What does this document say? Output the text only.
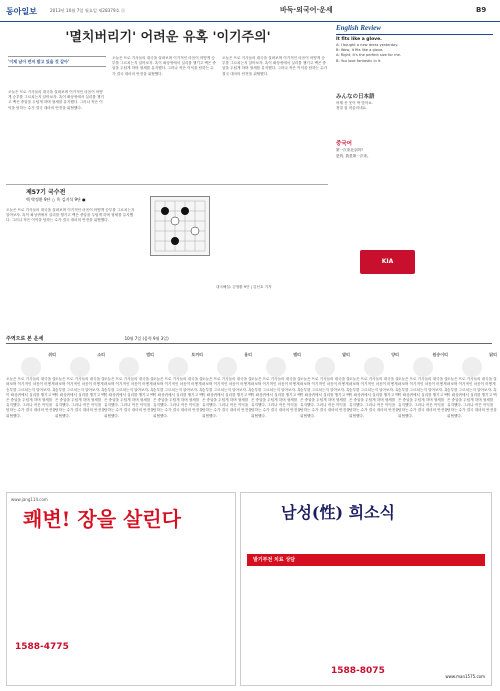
동아일보	2013년 10월 7일 월요일 제28379호 ⓢ	바둑·외국어·운세	B9
'멸치버리기' 어려운 유혹 '이기주의'
'이제 남이 먼저 밥고 있을 것 같아'
오늘은 프로 기사들의 대국을 살펴보며 이기적인 마음이 어떻게 승부를 그르치는지 알아보자. 흑이 좌상귀에서 실리를 챙기고 백은 중앙을 두텁게 하며 형세를 유지했다. 그러나 작은 이익을 탐하는 수가 결국 대마의 안전을 위협했다.
오늘은 프로 기사들의 대국을 살펴보며 이기적인 마음이 어떻게 승부를 그르치는지 알아보자. 흑이 좌상귀에서 실리를 챙기고 백은 중앙을 두텁게 하며 형세를 유지했다. 그러나 작은 이익을 탐하는 수가 결국 대마의 안전을 위협했다.
오늘은 프로 기사들의 대국을 살펴보며 이기적인 마음이 어떻게 승부를 그르치는지 알아보자. 흑이 좌상귀에서 실리를 챙기고 백은 중앙을 두텁게 하며 형세를 유지했다. 그러나 작은 이익을 탐하는 수가 결국 대마의 안전을 위협했다.
English Review
It fits like a glove.
A: I bought a new dress yesterday.
B: Wow, it fits like a glove.
A: Right, it's the perfect size for me.
B: You look fantastic in it.
みんなの日本語
어제 산 옷이 딱 맞아요.
정말 잘 어울리네요.
중국어
第一次来北京吗?
是的, 我是第一次来。
KIA
제57기 국수전
백 박정환 9단 ○ 흑 김지석 9단 ●
오늘은 프로 기사들의 대국을 살펴보며 이기적인 마음이 어떻게 승부를 그르치는지 알아보자. 흑이 좌상귀에서 실리를 챙기고 백은 중앙을 두텁게 하며 형세를 유지했다. 그러나 작은 이익을 탐하는 수가 결국 대마의 안전을 위협했다.
대국해설: 김영환 9단 | 김선호 기자
주역으로 본 운세	10월 7일 (음력 9월 3일)
쥐띠
오늘은 프로 기사들의 대국을 살펴보며 이기적인 마음이 어떻게 승부를 그르치는지 알아보자. 흑이 좌상귀에서 실리를 챙기고 백은 중앙을 두텁게 하며 형세를 유지했다. 그러나 작은 이익을 탐하는 수가 결국 대마의 안전을 위협했다.
소띠
오늘은 프로 기사들의 대국을 살펴보며 이기적인 마음이 어떻게 승부를 그르치는지 알아보자. 흑이 좌상귀에서 실리를 챙기고 백은 중앙을 두텁게 하며 형세를 유지했다. 그러나 작은 이익을 탐하는 수가 결국 대마의 안전을 위협했다.
범띠
오늘은 프로 기사들의 대국을 살펴보며 이기적인 마음이 어떻게 승부를 그르치는지 알아보자. 흑이 좌상귀에서 실리를 챙기고 백은 중앙을 두텁게 하며 형세를 유지했다. 그러나 작은 이익을 탐하는 수가 결국 대마의 안전을 위협했다.
토끼띠
오늘은 프로 기사들의 대국을 살펴보며 이기적인 마음이 어떻게 승부를 그르치는지 알아보자. 흑이 좌상귀에서 실리를 챙기고 백은 중앙을 두텁게 하며 형세를 유지했다. 그러나 작은 이익을 탐하는 수가 결국 대마의 안전을 위협했다.
용띠
오늘은 프로 기사들의 대국을 살펴보며 이기적인 마음이 어떻게 승부를 그르치는지 알아보자. 흑이 좌상귀에서 실리를 챙기고 백은 중앙을 두텁게 하며 형세를 유지했다. 그러나 작은 이익을 탐하는 수가 결국 대마의 안전을 위협했다.
뱀띠
오늘은 프로 기사들의 대국을 살펴보며 이기적인 마음이 어떻게 승부를 그르치는지 알아보자. 흑이 좌상귀에서 실리를 챙기고 백은 중앙을 두텁게 하며 형세를 유지했다. 그러나 작은 이익을 탐하는 수가 결국 대마의 안전을 위협했다.
말띠
오늘은 프로 기사들의 대국을 살펴보며 이기적인 마음이 어떻게 승부를 그르치는지 알아보자. 흑이 좌상귀에서 실리를 챙기고 백은 중앙을 두텁게 하며 형세를 유지했다. 그러나 작은 이익을 탐하는 수가 결국 대마의 안전을 위협했다.
양띠
오늘은 프로 기사들의 대국을 살펴보며 이기적인 마음이 어떻게 승부를 그르치는지 알아보자. 흑이 좌상귀에서 실리를 챙기고 백은 중앙을 두텁게 하며 형세를 유지했다. 그러나 작은 이익을 탐하는 수가 결국 대마의 안전을 위협했다.
원숭이띠
오늘은 프로 기사들의 대국을 살펴보며 이기적인 마음이 어떻게 승부를 그르치는지 알아보자. 흑이 좌상귀에서 실리를 챙기고 백은 중앙을 두텁게 하며 형세를 유지했다. 그러나 작은 이익을 탐하는 수가 결국 대마의 안전을 위협했다.
닭띠
오늘은 프로 기사들의 대국을 살펴보며 이기적인 마음이 어떻게 승부를 그르치는지 알아보자. 흑이 좌상귀에서 실리를 챙기고 백은 중앙을 두텁게 하며 형세를 유지했다. 그러나 작은 이익을 탐하는 수가 결국 대마의 안전을 위협했다.
www.jang114.com
쾌변! 장을 살린다
1588-4775
남성(性) 희소식
발기부전 치료 상담
1588-8075
www.man1575.com
